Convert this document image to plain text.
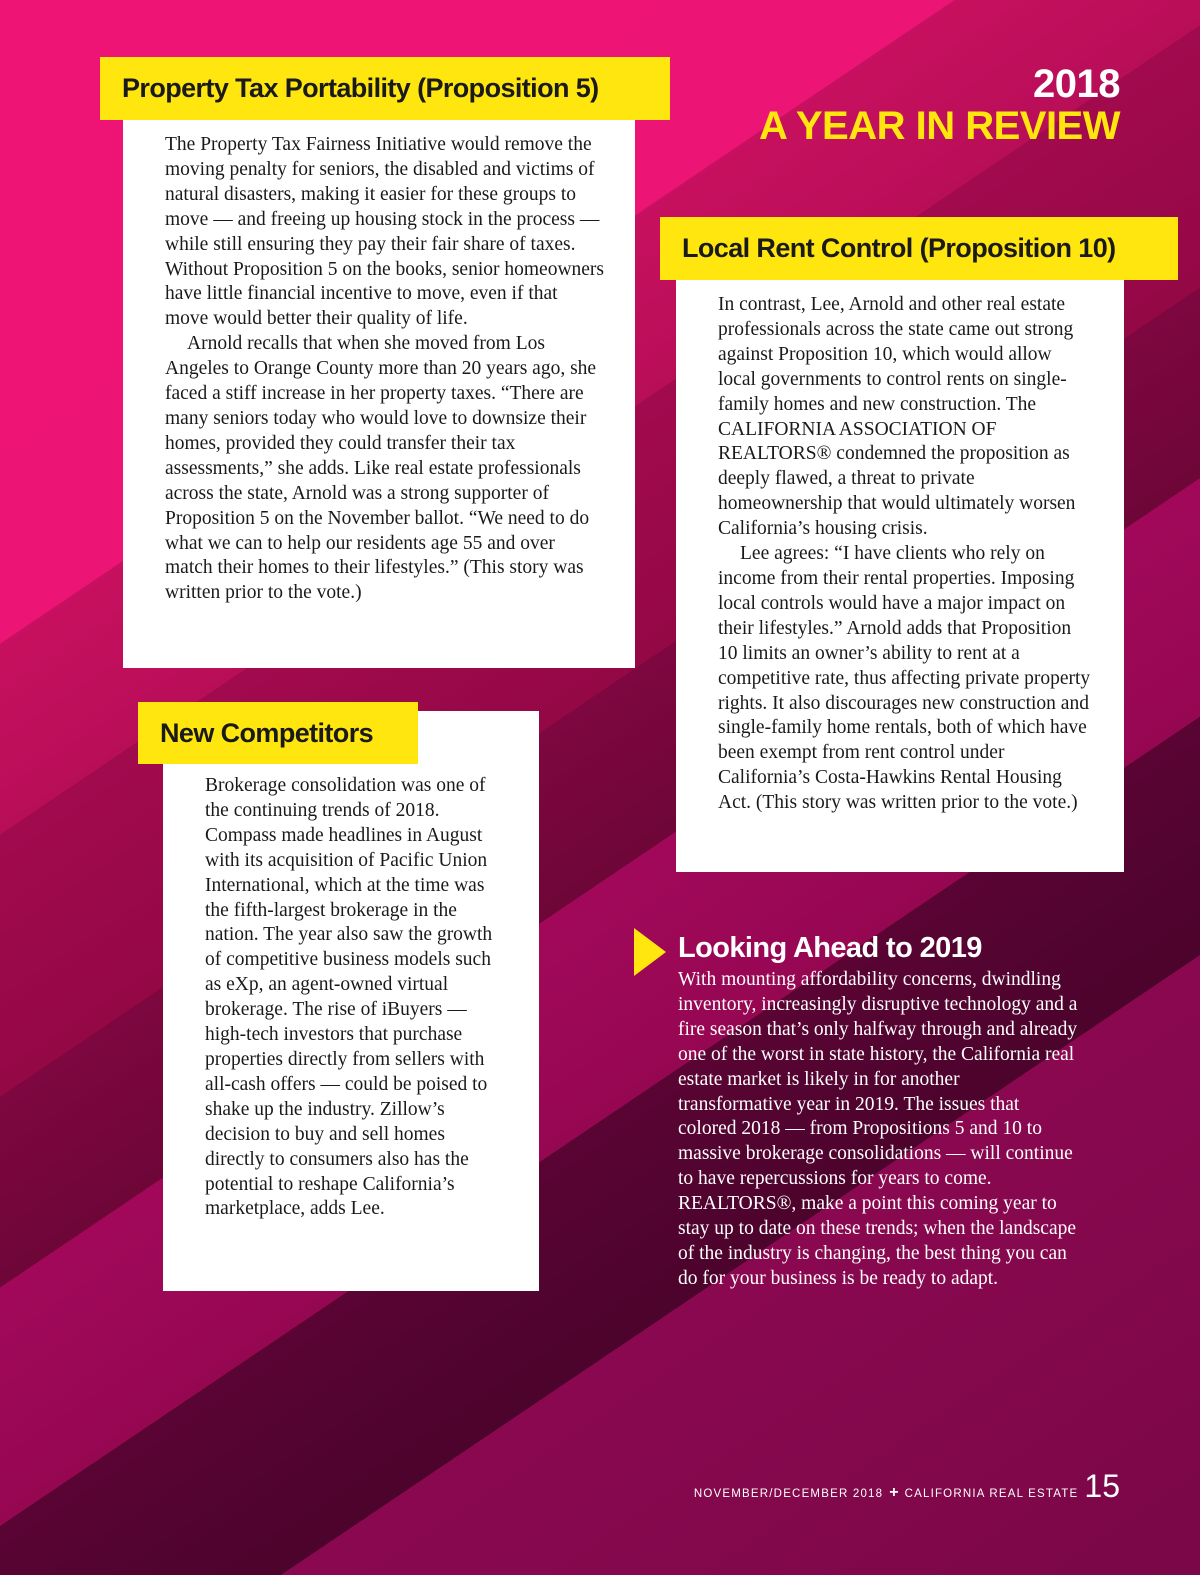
2018
A YEAR IN REVIEW

The Property Tax Fairness Initiative would remove the moving penalty for seniors, the disabled and victims of natural disasters, making it easier for these groups to move — and freeing up housing stock in the process — while still ensuring they pay their fair share of taxes. Without Proposition 5 on the books, senior homeowners have little financial incentive to move, even if that move would better their quality of life.

Arnold recalls that when she moved from Los Angeles to Orange County more than 20 years ago, she faced a stiff increase in her property taxes. “There are many seniors today who would love to downsize their homes, provided they could transfer their tax assessments,” she adds. Like real estate professionals across the state, Arnold was a strong supporter of Proposition 5 on the November ballot. “We need to do what we can to help our residents age 55 and over match their homes to their lifestyles.” (This story was written prior to the vote.)

Property Tax Portability (Proposition 5)

In contrast, Lee, Arnold and other real estate professionals across the state came out strong against Proposition 10, which would allow local governments to control rents on single-family homes and new construction. The CALIFORNIA ASSOCIATION OF REALTORS® condemned the proposition as deeply flawed, a threat to private homeownership that would ultimately worsen California’s housing crisis.

Lee agrees: “I have clients who rely on income from their rental properties. Imposing local controls would have a major impact on their lifestyles.” Arnold adds that Proposition 10 limits an owner’s ability to rent at a competitive rate, thus affecting private property rights. It also discourages new construction and single-family home rentals, both of which have been exempt from rent control under California’s Costa-Hawkins Rental Housing Act. (This story was written prior to the vote.)

Local Rent Control (Proposition 10)

Brokerage consolidation was one of the continuing trends of 2018. Compass made headlines in August with its acquisition of Pacific Union International, which at the time was the fifth-largest brokerage in the nation. The year also saw the growth of competitive business models such as eXp, an agent-owned virtual brokerage. The rise of iBuyers — high-tech investors that purchase properties directly from sellers with all-cash offers — could be poised to shake up the industry. Zillow’s decision to buy and sell homes directly to consumers also has the potential to reshape California’s marketplace, adds Lee.

New Competitors
Looking Ahead to 2019

With mounting affordability concerns, dwindling inventory, increasingly disruptive technology and a fire season that’s only halfway through and already one of the worst in state history, the California real estate market is likely in for another transformative year in 2019. The issues that colored 2018 — from Propositions 5 and 10 to massive brokerage consolidations — will continue to have repercussions for years to come. REALTORS®, make a point this coming year to stay up to date on these trends; when the landscape of the industry is changing, the best thing you can do for your business is be ready to adapt.

NOVEMBER/DECEMBER 2018 + CALIFORNIA REAL ESTATE 15
